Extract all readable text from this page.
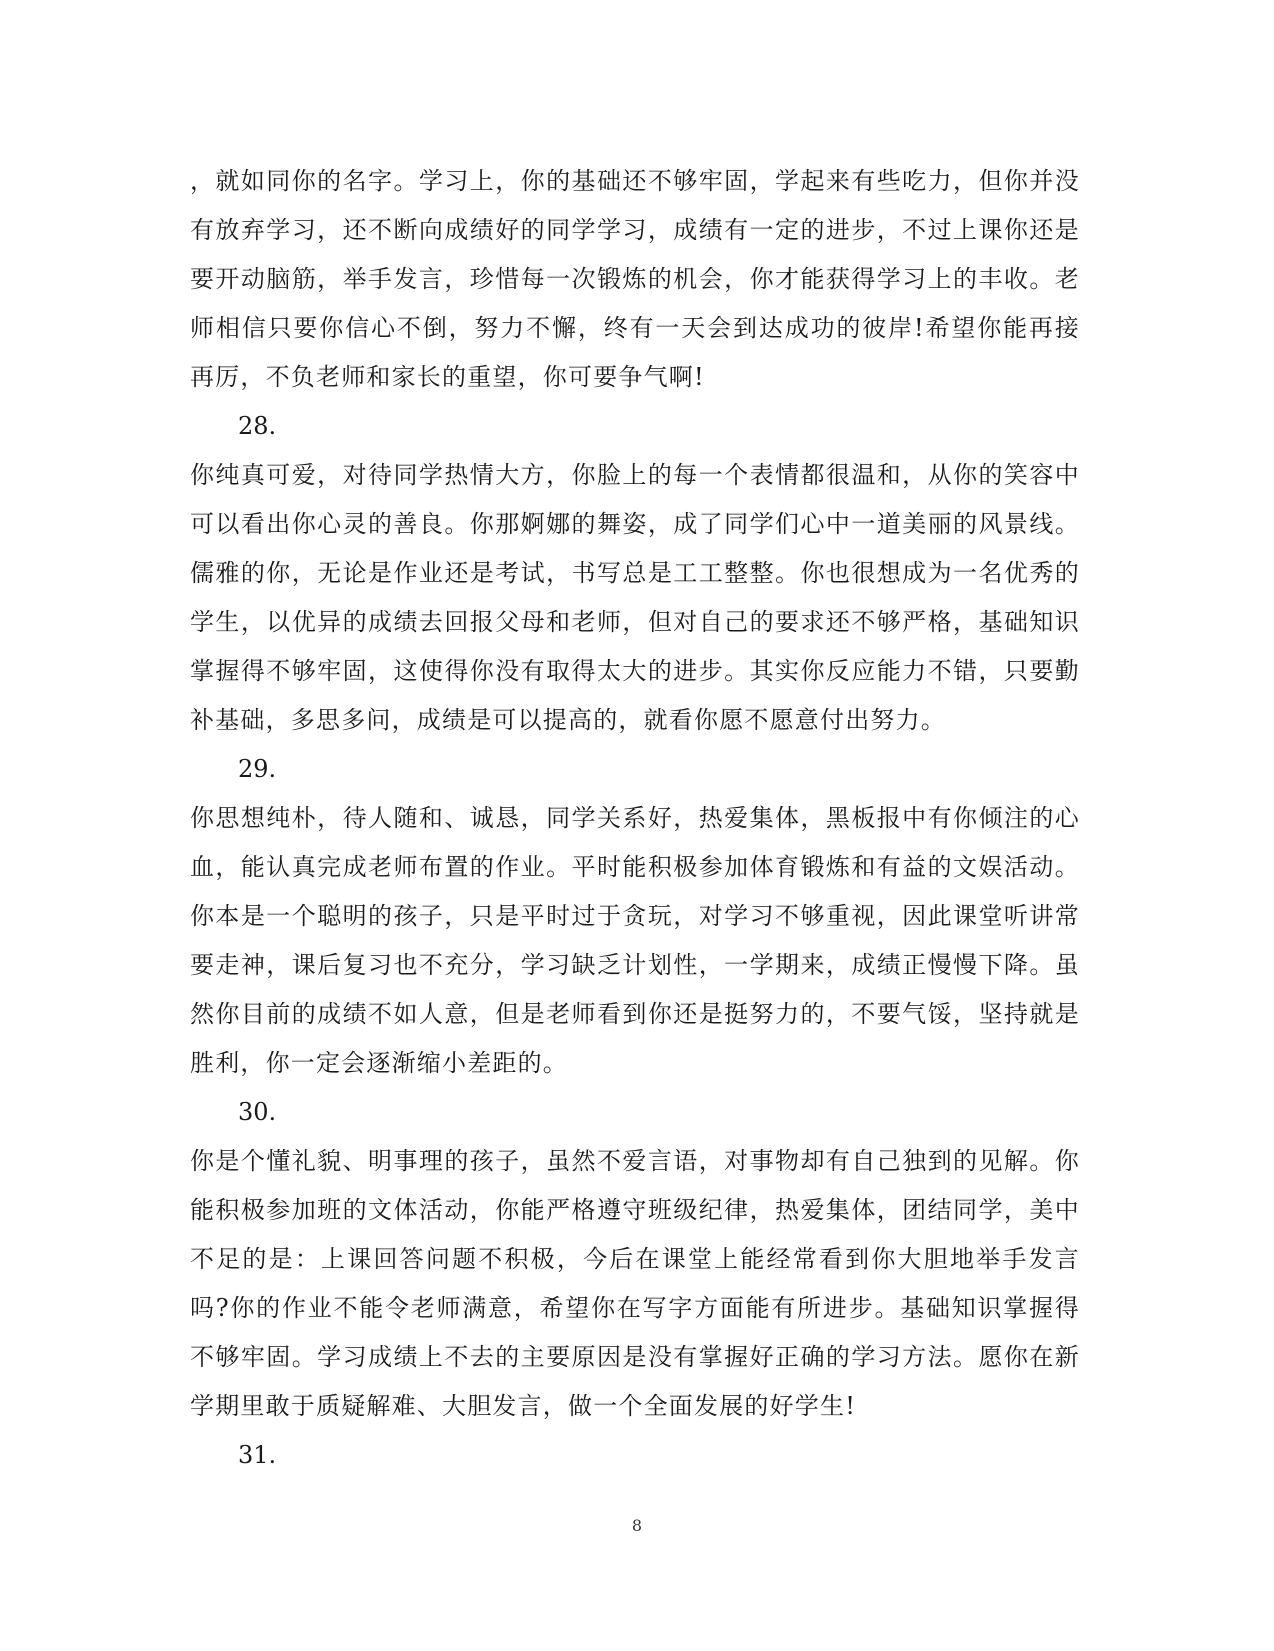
，就如同你的名字。学习上，你的基础还不够牢固，学起来有些吃力，但你并没有放弃学习，还不断向成绩好的同学学习，成绩有一定的进步，不过上课你还是要开动脑筋，举手发言，珍惜每一次锻炼的机会，你才能获得学习上的丰收。老师相信只要你信心不倒，努力不懈，终有一天会到达成功的彼岸!希望你能再接再厉，不负老师和家长的重望，你可要争气啊!

28.

你纯真可爱，对待同学热情大方，你脸上的每一个表情都很温和，从你的笑容中可以看出你心灵的善良。你那婀娜的舞姿，成了同学们心中一道美丽的风景线。儒雅的你，无论是作业还是考试，书写总是工工整整。你也很想成为一名优秀的学生，以优异的成绩去回报父母和老师，但对自己的要求还不够严格，基础知识掌握得不够牢固，这使得你没有取得太大的进步。其实你反应能力不错，只要勤补基础，多思多问，成绩是可以提高的，就看你愿不愿意付出努力。

29.

你思想纯朴，待人随和、诚恳，同学关系好，热爱集体，黑板报中有你倾注的心血，能认真完成老师布置的作业。平时能积极参加体育锻炼和有益的文娱活动。你本是一个聪明的孩子，只是平时过于贪玩，对学习不够重视，因此课堂听讲常要走神，课后复习也不充分，学习缺乏计划性，一学期来，成绩正慢慢下降。虽然你目前的成绩不如人意，但是老师看到你还是挺努力的，不要气馁，坚持就是胜利，你一定会逐渐缩小差距的。

30.

你是个懂礼貌、明事理的孩子，虽然不爱言语，对事物却有自己独到的见解。你能积极参加班的文体活动，你能严格遵守班级纪律，热爱集体，团结同学，美中不足的是：上课回答问题不积极，今后在课堂上能经常看到你大胆地举手发言吗?你的作业不能令老师满意，希望你在写字方面能有所进步。基础知识掌握得不够牢固。学习成绩上不去的主要原因是没有掌握好正确的学习方法。愿你在新学期里敢于质疑解难、大胆发言，做一个全面发展的好学生!

31.

8
